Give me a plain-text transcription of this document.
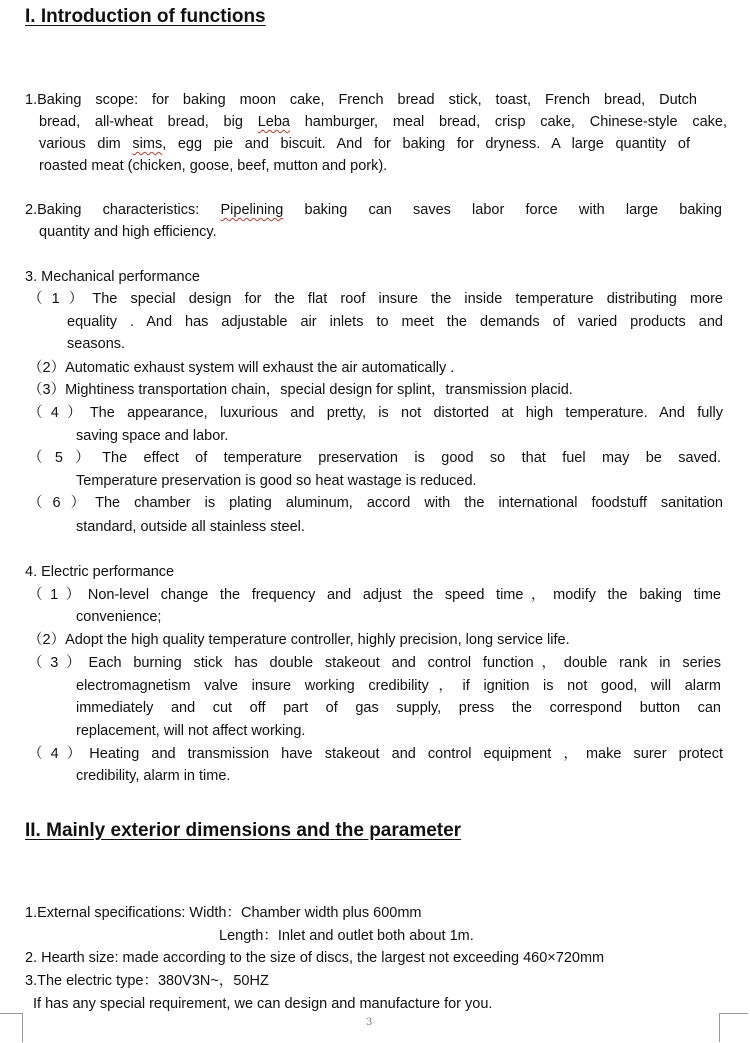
I. Introduction of functions
1.Baking scope: for baking moon cake, French bread stick, toast, French bread, Dutch
bread, all-wheat bread, big Leba hamburger, meal bread, crisp cake, Chinese-style cake,
various dim sims, egg pie and biscuit. And for baking for dryness. A large quantity of
roasted meat (chicken, goose, beef, mutton and pork).
2.Baking characteristics: Pipelining baking can saves labor force with large baking
quantity and high efficiency.
3. Mechanical performance
（1）The special design for the flat roof insure the inside temperature distributing more
equality . And has adjustable air inlets to meet the demands of varied products and
seasons.
（2）Automatic exhaust system will exhaust the air automatically .
（3）Mightiness transportation chain，special design for splint，transmission placid.
（4）The appearance, luxurious and pretty, is not distorted at high temperature. And fully
saving space and labor.
（5）The effect of temperature preservation is good so that fuel may be saved.
Temperature preservation is good so heat wastage is reduced.
（6）The chamber is plating aluminum, accord with the international foodstuff sanitation
standard, outside all stainless steel.
4. Electric performance
（1）Non-level change the frequency and adjust the speed time，modify the baking time
convenience;
（2）Adopt the high quality temperature controller, highly precision, long service life.
（3）Each burning stick has double stakeout and control function，double rank in series
electromagnetism valve insure working credibility，if ignition is not good, will alarm
immediately and cut off part of gas supply, press the correspond button can
replacement, will not affect working.
（4）Heating and transmission have stakeout and control equipment ，make surer protect
credibility, alarm in time.
II. Mainly exterior dimensions and the parameter
1.External specifications: Width：Chamber width plus 600mm
Length：Inlet and outlet both about 1m.
2. Hearth size: made according to the size of discs, the largest not exceeding 460×720mm
3.The electric type：380V3N~，50HZ
If has any special requirement, we can design and manufacture for you.
3
